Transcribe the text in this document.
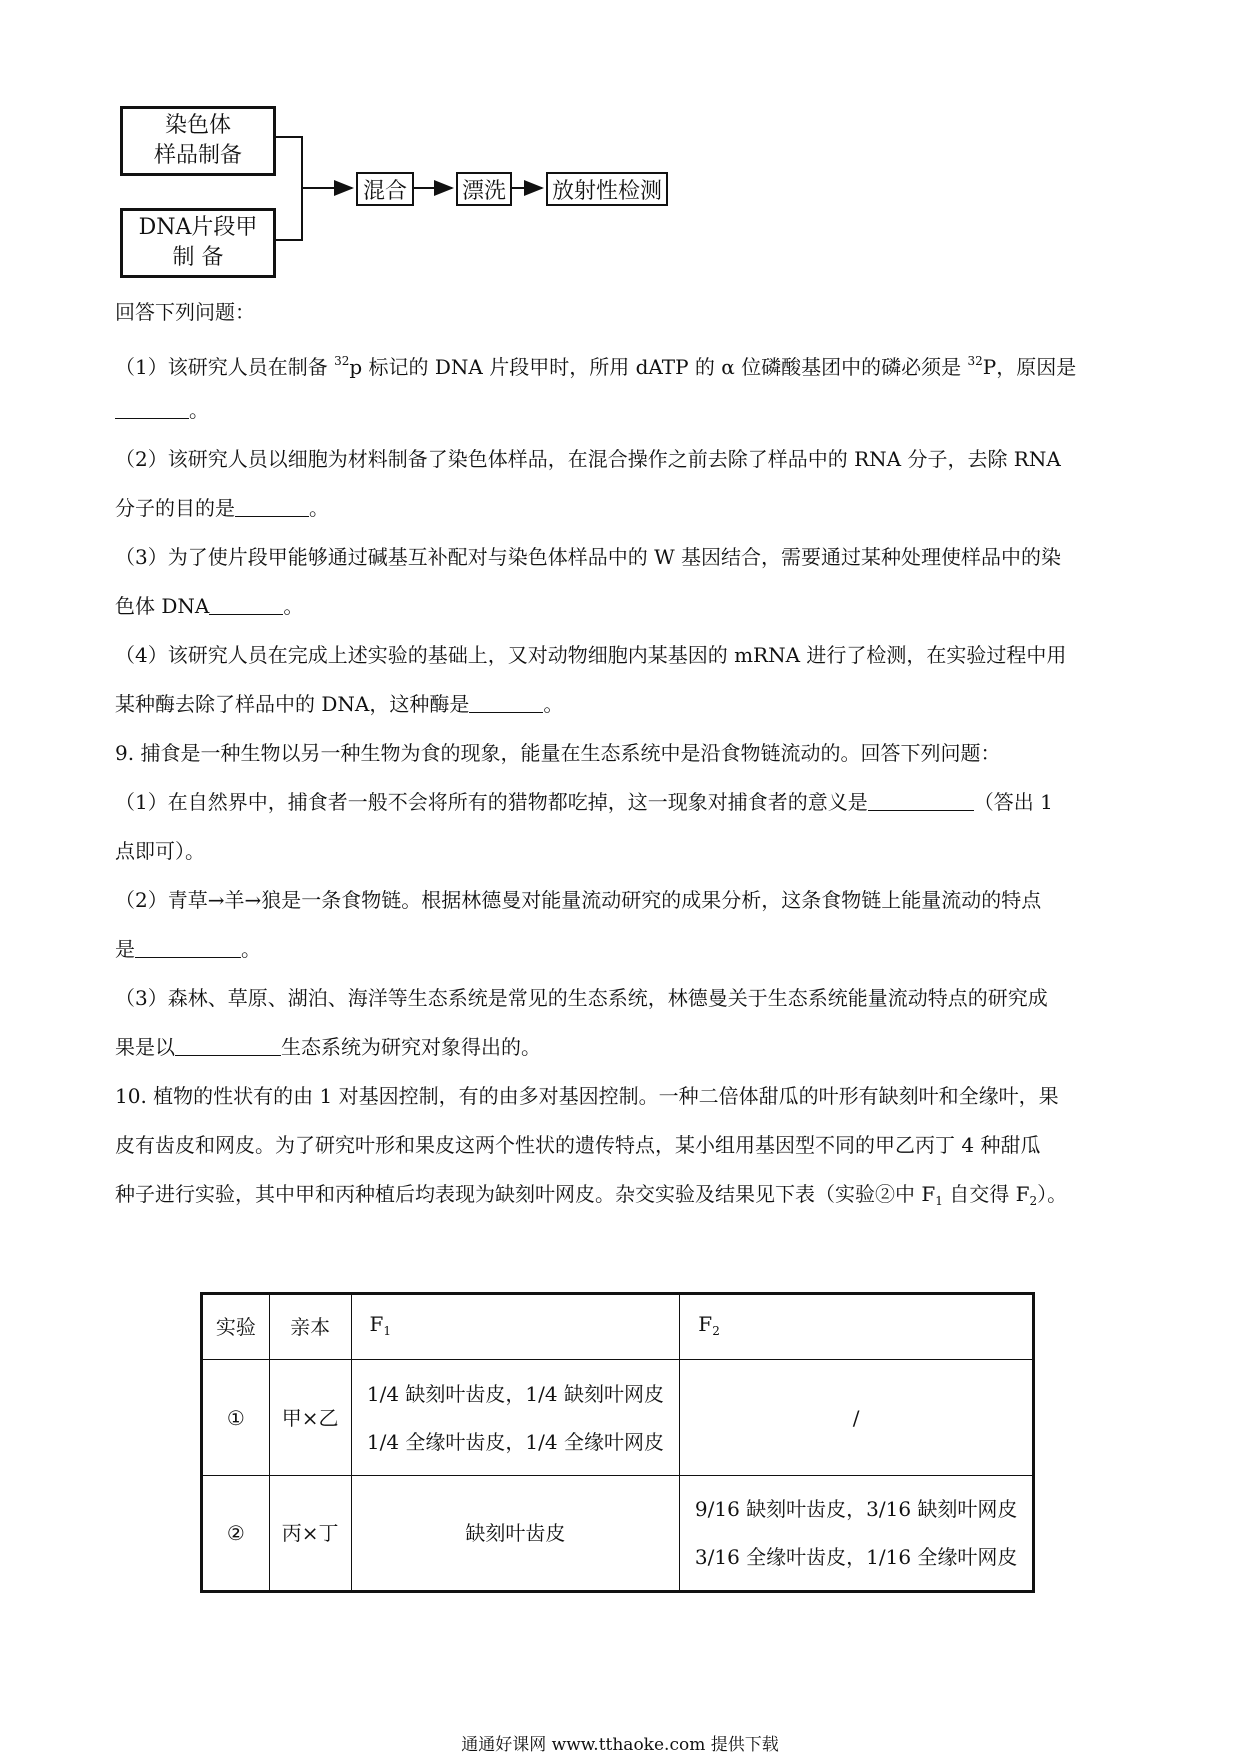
染色体
样品制备
DNA片段甲
制 备
混合	漂洗 放射性检测
回答下列问题：
（1）该研究人员在制备 $^{32}$p 标记的 DNA 片段甲时，所用 dATP 的 α 位磷酸基团中的磷必须是 $^{32}$P，原因是
。
（2）该研究人员以细胞为材料制备了染色体样品，在混合操作之前去除了样品中的 RNA 分子，去除 RNA
分子的目的是	。
（3）为了使片段甲能够通过碱基互补配对与染色体样品中的 W 基因结合，需要通过某种处理使样品中的染
色体 DNA	。
（4）该研究人员在完成上述实验的基础上，又对动物细胞内某基因的 mRNA 进行了检测，在实验过程中用
某种酶去除了样品中的 DNA，这种酶是	。
9. 捕食是一种生物以另一种生物为食的现象，能量在生态系统中是沿食物链流动的。回答下列问题：
（1）在自然界中，捕食者一般不会将所有的猎物都吃掉，这一现象对捕食者的意义是	（答出 1
点即可）。
（2）青草→羊→狼是一条食物链。根据林德曼对能量流动研究的成果分析，这条食物链上能量流动的特点
是	。
（3）森林、草原、湖泊、海洋等生态系统是常见的生态系统，林德曼关于生态系统能量流动特点的研究成
果是以	生态系统为研究对象得出的。
10. 植物的性状有的由 1 对基因控制，有的由多对基因控制。一种二倍体甜瓜的叶形有缺刻叶和全缘叶，果
皮有齿皮和网皮。为了研究叶形和果皮这两个性状的遗传特点，某小组用基因型不同的甲乙丙丁 4 种甜瓜
种子进行实验，其中甲和丙种植后均表现为缺刻叶网皮。杂交实验及结果见下表（实验②中 $F_1$ 自交得 $F_2$）。
实验	亲本	$F_1$	$F_2$
①	甲×乙	1/4 缺刻叶齿皮，1/4 缺刻叶网皮
1/4 全缘叶齿皮，1/4 全缘叶网皮	/
②	丙×丁	缺刻叶齿皮	9/16 缺刻叶齿皮，3/16 缺刻叶网皮
3/16 全缘叶齿皮，1/16 全缘叶网皮
通通好课网 www.tthaoke.com 提供下载
